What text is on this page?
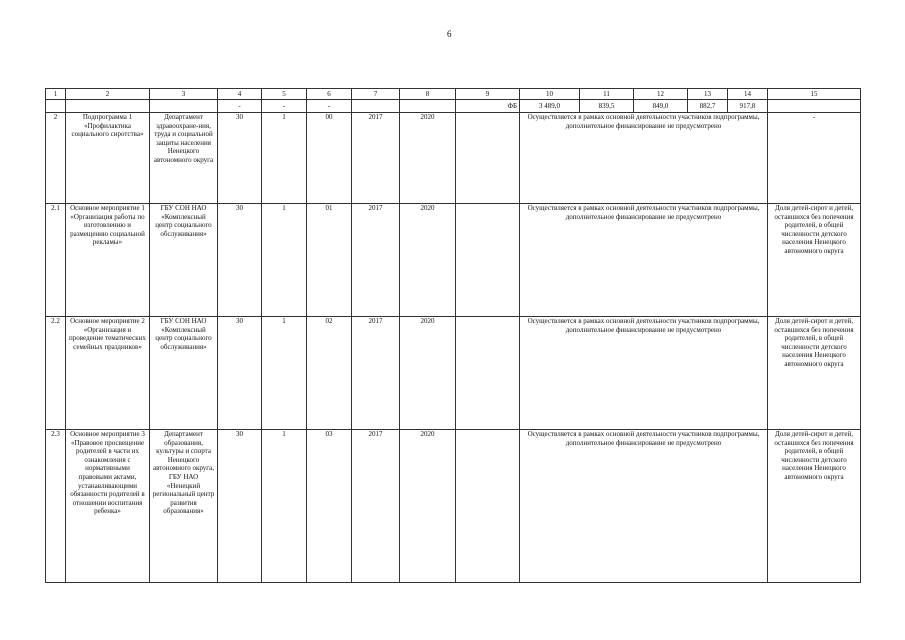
6
1	2	3	4	5	6	7	8	9	10	11	12	13	14	15
			-	-	-			ФБ	3 489,0	839,5	849,0	882,7	917,8	
2	Подпрограмма 1 «Профилактика социального сиротства»	Департамент здравоохране-ния, труда и социальной защиты населения Ненецкого автономного округа	30	1	00	2017	2020		Осуществляется в рамках основной деятельности участников подпрограммы, дополнительное финансирование не предусмотрено					-
2.1	Основное мероприятие 1 «Организация работы по изготовлению и размещению социальной рекламы»	ГБУ СОН НАО «Комплексный центр социального обслуживания»	30	1	01	2017	2020		Осуществляется в рамках основной деятельности участников подпрограммы, дополнительное финансирование не предусмотрено					Доля детей-сирот и детей, оставшихся без попечения родителей, в общей численности детского населения Ненецкого автономного округа
2.2	Основное мероприятие 2 «Организация и проведение тематических семейных праздников»	ГБУ СОН НАО «Комплексный центр социального обслуживания»	30	1	02	2017	2020		Осуществляется в рамках основной деятельности участников подпрограммы, дополнительное финансирование не предусмотрено					Доля детей-сирот и детей, оставшихся без попечения родителей, в общей численности детского населения Ненецкого автономного округа
2.3	Основное мероприятие 3 «Правовое просвещение родителей в части их ознакомления с нормативными правовыми актами, устанавливающими обязанности родителей в отношении воспитания ребенка»	Департамент образования, культуры и спорта Ненецкого автономного округа, ГБУ НАО «Ненецкий региональный центр развития образования»	30	1	03	2017	2020		Осуществляется в рамках основной деятельности участников подпрограммы, дополнительное финансирование не предусмотрено					Доля детей-сирот и детей, оставшихся без попечения родителей, в общей численности детского населения Ненецкого автономного округа
